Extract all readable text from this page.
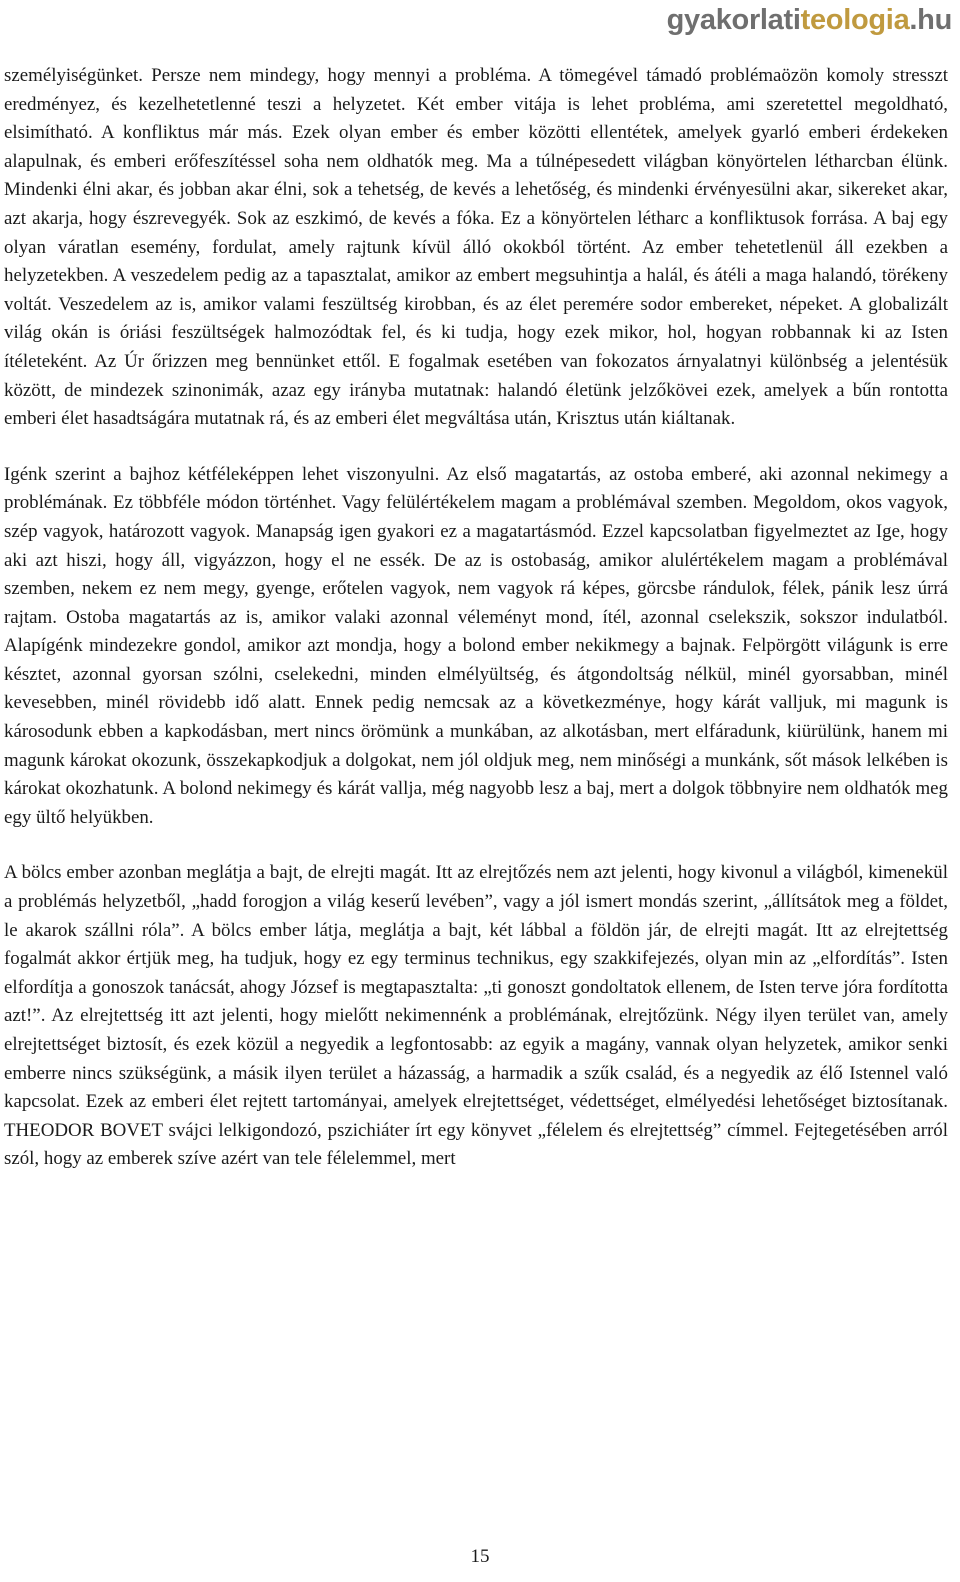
gyakorlati teologia .hu

személyiségünket. Persze nem mindegy, hogy mennyi a probléma. A tömegével támadó problémaözön komoly stresszt eredményez, és kezelhetetlenné teszi a helyzetet. Két ember vitája is lehet probléma, ami szeretettel megoldható, elsimítható. A konfliktus már más. Ezek olyan ember és ember közötti ellentétek, amelyek gyarló emberi érdekeken alapulnak, és emberi erőfeszítéssel soha nem oldhatók meg. Ma a túlnépesedett világban könyörtelen létharcban élünk. Mindenki élni akar, és jobban akar élni, sok a tehetség, de kevés a lehetőség, és mindenki érvényesülni akar, sikereket akar, azt akarja, hogy észrevegyék. Sok az eszkimó, de kevés a fóka. Ez a könyörtelen létharc a konfliktusok forrása. A baj egy olyan váratlan esemény, fordulat, amely rajtunk kívül álló okokból történt. Az ember tehetetlenül áll ezekben a helyzetekben. A veszedelem pedig az a tapasztalat, amikor az embert megsuhintja a halál, és átéli a maga halandó, törékeny voltát. Veszedelem az is, amikor valami feszültség kirobban, és az élet peremére sodor embereket, népeket. A globalizált világ okán is óriási feszültségek halmozódtak fel, és ki tudja, hogy ezek mikor, hol, hogyan robbannak ki az Isten ítéleteként. Az Úr őrizzen meg bennünket ettől. E fogalmak esetében van fokozatos árnyalatnyi különbség a jelentésük között, de mindezek szinonimák, azaz egy irányba mutatnak: halandó életünk jelzőkövei ezek, amelyek a bűn rontotta emberi élet hasadtságára mutatnak rá, és az emberi élet megváltása után, Krisztus után kiáltanak.

Igénk szerint a bajhoz kétféleképpen lehet viszonyulni. Az első magatartás, az ostoba emberé, aki azonnal nekimegy a problémának. Ez többféle módon történhet. Vagy felülértékelem magam a problémával szemben. Megoldom, okos vagyok, szép vagyok, határozott vagyok. Manapság igen gyakori ez a magatartásmód. Ezzel kapcsolatban figyelmeztet az Ige, hogy aki azt hiszi, hogy áll, vigyázzon, hogy el ne essék. De az is ostobaság, amikor alulértékelem magam a problémával szemben, nekem ez nem megy, gyenge, erőtelen vagyok, nem vagyok rá képes, görcsbe rándulok, félek, pánik lesz úrrá rajtam. Ostoba magatartás az is, amikor valaki azonnal véleményt mond, ítél, azonnal cselekszik, sokszor indulatból. Alapígénk mindezekre gondol, amikor azt mondja, hogy a bolond ember nekikmegy a bajnak. Felpörgött világunk is erre késztet, azonnal gyorsan szólni, cselekedni, minden elmélyültség, és átgondoltság nélkül, minél gyorsabban, minél kevesebben, minél rövidebb idő alatt. Ennek pedig nemcsak az a következménye, hogy kárát valljuk, mi magunk is károsodunk ebben a kapkodásban, mert nincs örömünk a munkában, az alkotásban, mert elfáradunk, kiürülünk, hanem mi magunk károkat okozunk, összekapkodjuk a dolgokat, nem jól oldjuk meg, nem minőségi a munkánk, sőt mások lelkében is károkat okozhatunk. A bolond nekimegy és kárát vallja, még nagyobb lesz a baj, mert a dolgok többnyire nem oldhatók meg egy ültő helyükben.

A bölcs ember azonban meglátja a bajt, de elrejti magát. Itt az elrejtőzés nem azt jelenti, hogy kivonul a világból, kimenekül a problémás helyzetből, „hadd forogjon a világ keserű levében”, vagy a jól ismert mondás szerint, „állítsátok meg a földet, le akarok szállni róla”. A bölcs ember látja, meglátja a bajt, két lábbal a földön jár, de elrejti magát. Itt az elrejtettség fogalmát akkor értjük meg, ha tudjuk, hogy ez egy terminus technikus, egy szakkifejezés, olyan min az „elfordítás”. Isten elfordítja a gonoszok tanácsát, ahogy József is megtapasztalta: „ti gonoszt gondoltatok ellenem, de Isten terve jóra fordította azt!”. Az elrejtettség itt azt jelenti, hogy mielőtt nekimennénk a problémának, elrejtőzünk. Négy ilyen terület van, amely elrejtettséget biztosít, és ezek közül a negyedik a legfontosabb: az egyik a magány, vannak olyan helyzetek, amikor senki emberre nincs szükségünk, a másik ilyen terület a házasság, a harmadik a szűk család, és a negyedik az élő Istennel való kapcsolat. Ezek az emberi élet rejtett tartományai, amelyek elrejtettséget, védettséget, elmélyedési lehetőséget biztosítanak. THEODOR BOVET svájci lelkigondozó, pszichiáter írt egy könyvet „félelem és elrejtettség” címmel. Fejtegetésében arról szól, hogy az emberek szíve azért van tele félelemmel, mert

15
